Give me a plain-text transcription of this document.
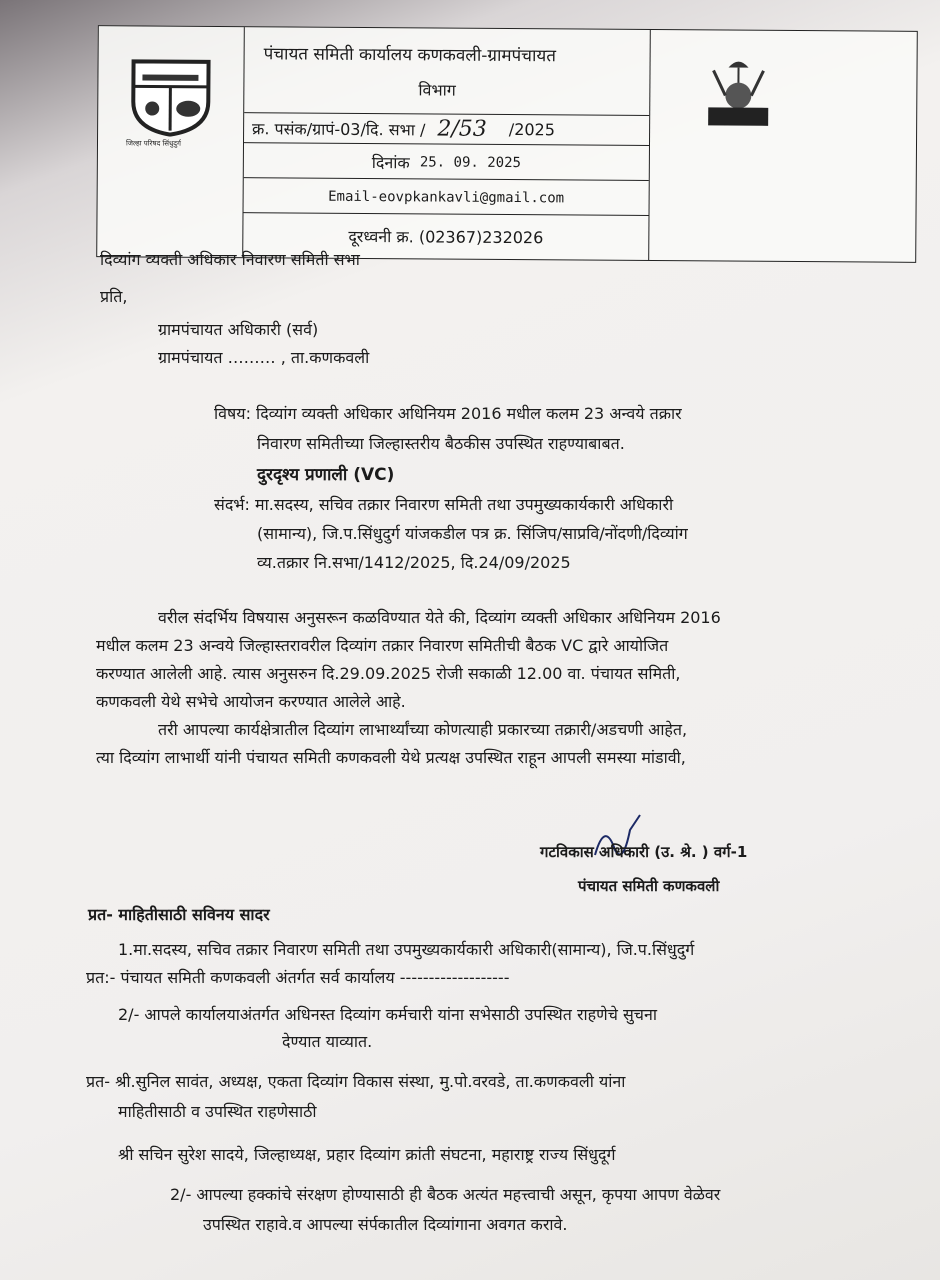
जिल्हा परिषद सिंधुदुर्ग
पंचायत समिती कार्यालय कणकवली-ग्रामपंचायत
विभाग
क्र. पसंक/ग्रापं-03/दि. सभा / 2/53 /2025
दिनांक
25. 09. 2025
Email-eovpkankavli@gmail.com
दूरध्वनी क्र. (02367)232026
दिव्यांग व्यक्ती अधिकार निवारण समिती सभा
प्रति,
ग्रामपंचायत अधिकारी (सर्व)
ग्रामपंचायत ……… , ता.कणकवली
विषय: दिव्यांग व्यक्ती अधिकार अधिनियम 2016 मधील कलम 23 अन्वये तक्रार
निवारण समितीच्या जिल्हास्तरीय बैठकीस उपस्थित राहण्याबाबत.
दुरदृश्य प्रणाली (VC)
संदर्भ: मा.सदस्य, सचिव तक्रार निवारण समिती तथा उपमुख्यकार्यकारी अधिकारी
(सामान्य), जि.प.सिंधुदुर्ग यांजकडील पत्र क्र. सिंजिप/साप्रवि/नोंदणी/दिव्यांग
व्य.तक्रार नि.सभा/1412/2025, दि.24/09/2025
वरील संदर्भिय विषयास अनुसरून कळविण्यात येते की, दिव्यांग व्यक्ती अधिकार अधिनियम 2016
मधील कलम 23 अन्वये जिल्हास्तरावरील दिव्यांग तक्रार निवारण समितीची बैठक VC द्वारे आयोजित
करण्यात आलेली आहे. त्यास अनुसरुन दि.29.09.2025 रोजी सकाळी 12.00 वा. पंचायत समिती,
कणकवली येथे सभेचे आयोजन करण्यात आलेले आहे.
तरी आपल्या कार्यक्षेत्रातील दिव्यांग लाभार्थ्यांच्या कोणत्याही प्रकारच्या तक्रारी/अडचणी आहेत,
त्या दिव्यांग लाभार्थी यांनी पंचायत समिती कणकवली येथे प्रत्यक्ष उपस्थित राहून आपली समस्या मांडावी,
गटविकास अधिकारी (उ. श्रे. ) वर्ग-1
पंचायत समिती कणकवली
प्रत- माहितीसाठी सविनय सादर
1.मा.सदस्य, सचिव तक्रार निवारण समिती तथा उपमुख्यकार्यकारी अधिकारी(सामान्य), जि.प.सिंधुदुर्ग
प्रत:- पंचायत समिती कणकवली अंतर्गत सर्व कार्यालय -------------------
2/- आपले कार्यालयाअंतर्गत अधिनस्त दिव्यांग कर्मचारी यांना सभेसाठी उपस्थित राहणेचे सुचना
देण्यात याव्यात.
प्रत- श्री.सुनिल सावंत, अध्यक्ष, एकता दिव्यांग विकास संस्था, मु.पो.वरवडे, ता.कणकवली यांना
माहितीसाठी व उपस्थित राहणेसाठी
श्री सचिन सुरेश सादये, जिल्हाध्यक्ष, प्रहार दिव्यांग क्रांती संघटना, महाराष्ट्र राज्य सिंधुदूर्ग
2/- आपल्या हक्कांचे संरक्षण होण्यासाठी ही बैठक अत्यंत महत्त्वाची असून, कृपया आपण वेळेवर
उपस्थित राहावे.व आपल्या संर्पकातील दिव्यांगाना अवगत करावे.
